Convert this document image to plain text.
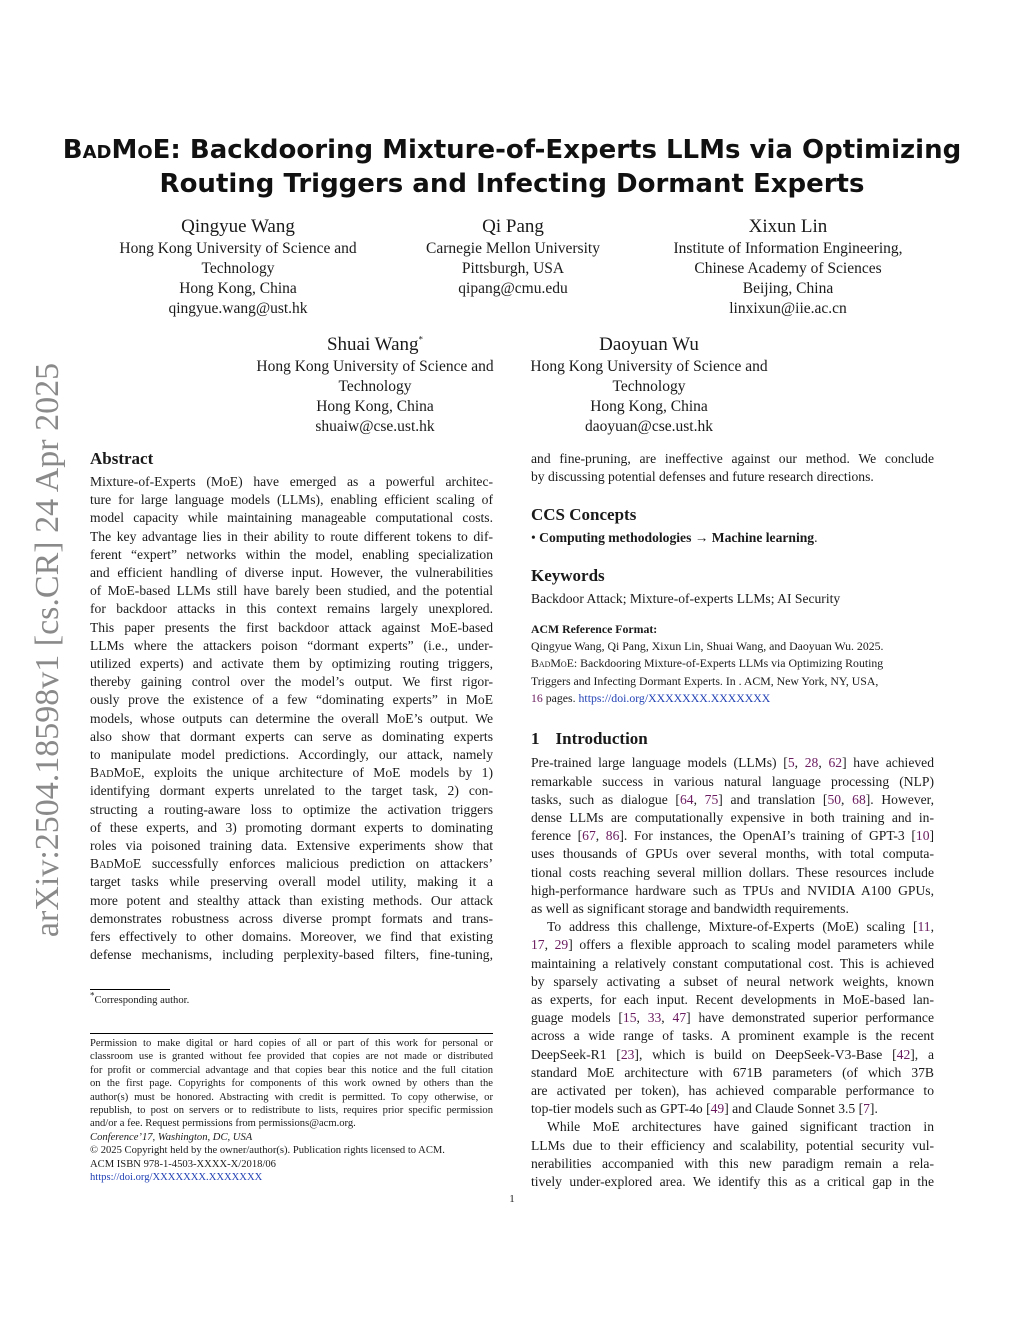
BadMoE: Backdooring Mixture-of-Experts LLMs via Optimizing
Routing Triggers and Infecting Dormant Experts
Qingyue Wang
Hong Kong University of Science and
Technology
Hong Kong, China
qingyue.wang@ust.hk
Qi Pang
Carnegie Mellon University
Pittsburgh, USA
qipang@cmu.edu
Xixun Lin
Institute of Information Engineering,
Chinese Academy of Sciences
Beijing, China
linxixun@iie.ac.cn
Shuai Wang*
Hong Kong University of Science and
Technology
Hong Kong, China
shuaiw@cse.ust.hk
Daoyuan Wu
Hong Kong University of Science and
Technology
Hong Kong, China
daoyuan@cse.ust.hk
arXiv:2504.18598v1 [cs.CR] 24 Apr 2025 Abstract
Mixture-of-Experts (MoE) have emerged as a powerful architec-
ture for large language models (LLMs), enabling efficient scaling of
model capacity while maintaining manageable computational costs.
The key advantage lies in their ability to route different tokens to dif-
ferent “expert” networks within the model, enabling specialization
and efficient handling of diverse input. However, the vulnerabilities
of MoE-based LLMs still have barely been studied, and the potential
for backdoor attacks in this context remains largely unexplored.
This paper presents the first backdoor attack against MoE-based
LLMs where the attackers poison “dormant experts” (i.e., under-
utilized experts) and activate them by optimizing routing triggers,
thereby gaining control over the model’s output. We first rigor-
ously prove the existence of a few “dominating experts” in MoE
models, whose outputs can determine the overall MoE’s output. We
also show that dormant experts can serve as dominating experts
to manipulate model predictions. Accordingly, our attack, namely
BadMoE, exploits the unique architecture of MoE models by 1)
identifying dormant experts unrelated to the target task, 2) con-
structing a routing-aware loss to optimize the activation triggers
of these experts, and 3) promoting dormant experts to dominating
roles via poisoned training data. Extensive experiments show that
BadMoE successfully enforces malicious prediction on attackers’
target tasks while preserving overall model utility, making it a
more potent and stealthy attack than existing methods. Our attack
demonstrates robustness across diverse prompt formats and trans-
fers effectively to other domains. Moreover, we find that existing
defense mechanisms, including perplexity-based filters, fine-tuning,
*Corresponding author.
Permission to make digital or hard copies of all or part of this work for personal or
classroom use is granted without fee provided that copies are not made or distributed
for profit or commercial advantage and that copies bear this notice and the full citation
on the first page. Copyrights for components of this work owned by others than the
author(s) must be honored. Abstracting with credit is permitted. To copy otherwise, or
republish, to post on servers or to redistribute to lists, requires prior specific permission
and/or a fee. Request permissions from permissions@acm.org.
Conference’17, Washington, DC, USA
© 2025 Copyright held by the owner/author(s). Publication rights licensed to ACM.
ACM ISBN 978-1-4503-XXXX-X/2018/06
https://doi.org/XXXXXXX.XXXXXXX
and fine-pruning, are ineffective against our method. We conclude
by discussing potential defenses and future research directions.
CCS Concepts
• Computing methodologies → Machine learning.
Keywords
Backdoor Attack; Mixture-of-experts LLMs; AI Security
ACM Reference Format:
Qingyue Wang, Qi Pang, Xixun Lin, Shuai Wang, and Daoyuan Wu. 2025.
BadMoE: Backdooring Mixture-of-Experts LLMs via Optimizing Routing
Triggers and Infecting Dormant Experts. In . ACM, New York, NY, USA,
16 pages. https://doi.org/XXXXXXX.XXXXXXX
1 Introduction
Pre-trained large language models (LLMs) [5, 28, 62] have achieved
remarkable success in various natural language processing (NLP)
tasks, such as dialogue [64, 75] and translation [50, 68]. However,
dense LLMs are computationally expensive in both training and in-
ference [67, 86]. For instances, the OpenAI’s training of GPT-3 [10]
uses thousands of GPUs over several months, with total computa-
tional costs reaching several million dollars. These resources include
high-performance hardware such as TPUs and NVIDIA A100 GPUs,
as well as significant storage and bandwidth requirements.
To address this challenge, Mixture-of-Experts (MoE) scaling [11,
17, 29] offers a flexible approach to scaling model parameters while
maintaining a relatively constant computational cost. This is achieved
by sparsely activating a subset of neural network weights, known
as experts, for each input. Recent developments in MoE-based lan-
guage models [15, 33, 47] have demonstrated superior performance
across a wide range of tasks. A prominent example is the recent
DeepSeek-R1 [23], which is build on DeepSeek-V3-Base [42], a
standard MoE architecture with 671B parameters (of which 37B
are activated per token), has achieved comparable performance to
top-tier models such as GPT-4o [49] and Claude Sonnet 3.5 [7].
While MoE architectures have gained significant traction in
LLMs due to their efficiency and scalability, potential security vul-
nerabilities accompanied with this new paradigm remain a rela-
tively under-explored area. We identify this as a critical gap in the
1
